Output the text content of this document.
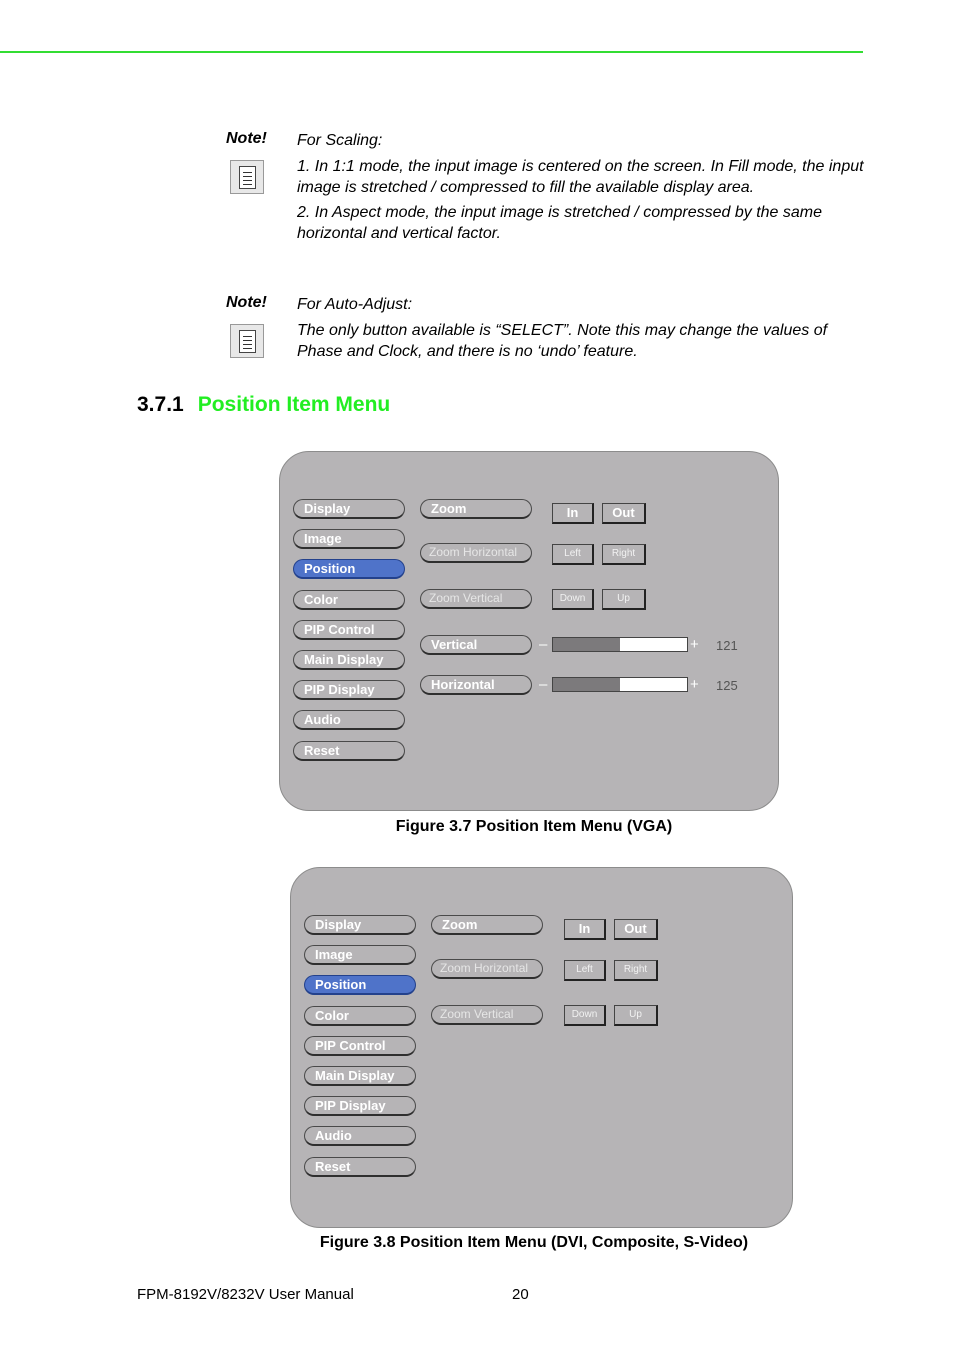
Note! For Scaling:

1. In 1:1 mode, the input image is centered on the screen. In Fill mode, the input image is stretched / compressed to fill the available display area.

2. In Aspect mode, the input image is stretched / compressed by the same horizontal and vertical factor.

Note! For Auto-Adjust:

The only button available is “SELECT”. Note this may change the values of Phase and Clock, and there is no ‘undo’ feature.

3.7.1 Position Item Menu
Display
Image
Position
Color
PIP Control
Main Display
PIP Display
Audio
Reset
Zoom	In	Out
Zoom Horizontal	Left	Right
Zoom Vertical	Down	Up
Vertical	–	+ 121
Horizontal	–	+ 125
Figure 3.7 Position Item Menu (VGA)
Display
Image
Position
Color
PIP Control
Main Display
PIP Display
Audio
Reset
Zoom	In	Out
Zoom Horizontal	Left	Right
Zoom Vertical	Down	Up
Figure 3.8 Position Item Menu (DVI, Composite, S-Video)
FPM-8192V/8232V User Manual	20
